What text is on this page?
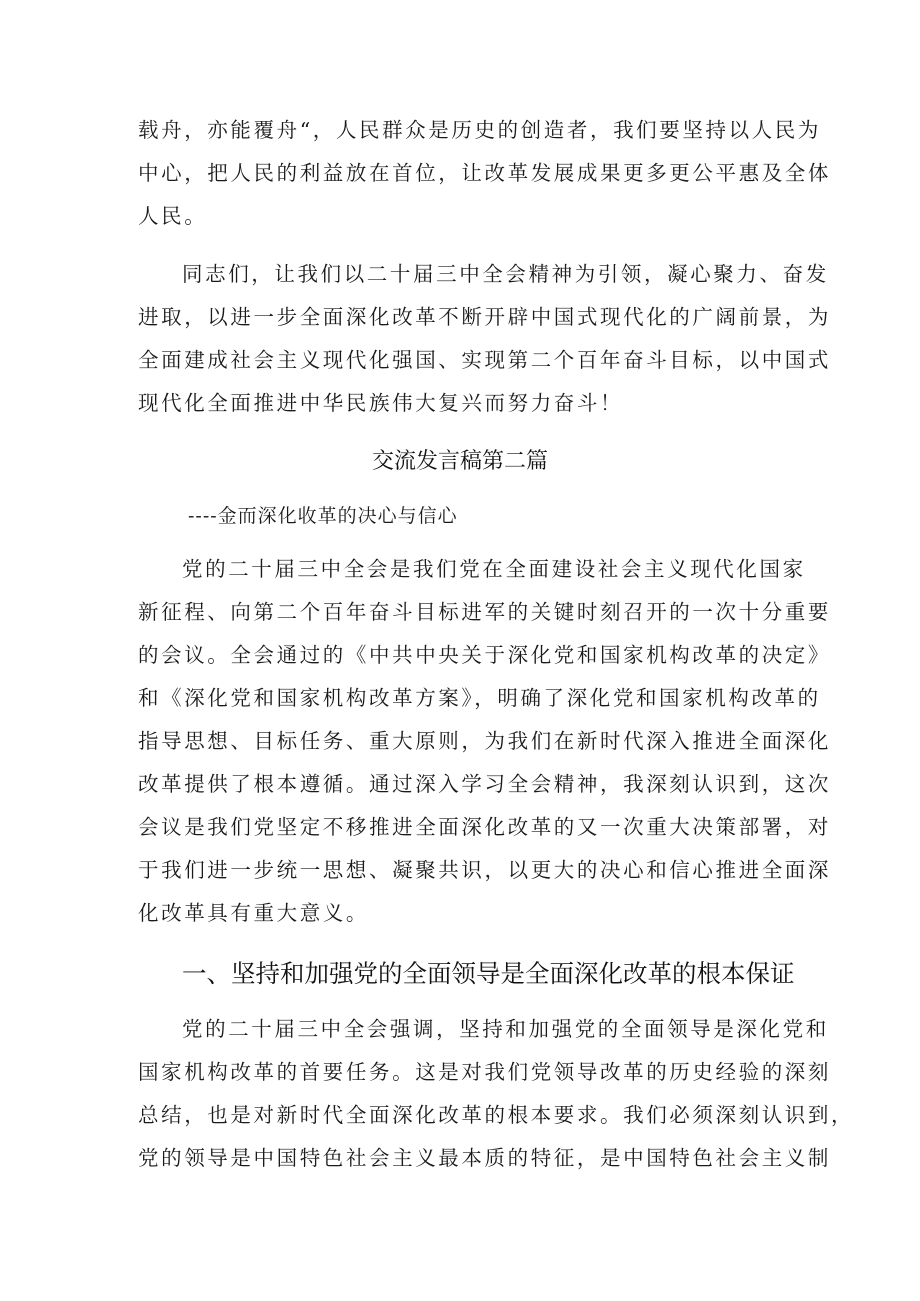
载舟，亦能覆舟“，人民群众是历史的创造者，我们要坚持以人民为
中心，把人民的利益放在首位，让改革发展成果更多更公平惠及全体
人民。
同志们，让我们以二十届三中全会精神为引领，凝心聚力、奋发
进取，以进一步全面深化改革不断开辟中国式现代化的广阔前景，为
全面建成社会主义现代化强国、实现第二个百年奋斗目标，以中国式
现代化全面推进中华民族伟大复兴而努力奋斗！
交流发言稿第二篇
----金而深化收革的决心与信心
党的二十届三中全会是我们党在全面建设社会主义现代化国家
新征程、向第二个百年奋斗目标进军的关键时刻召开的一次十分重要
的会议。全会通过的《中共中央关于深化党和国家机构改革的决定》
和《深化党和国家机构改革方案》，明确了深化党和国家机构改革的
指导思想、目标任务、重大原则，为我们在新时代深入推进全面深化
改革提供了根本遵循。通过深入学习全会精神，我深刻认识到，这次
会议是我们党坚定不移推进全面深化改革的又一次重大决策部署，对
于我们进一步统一思想、凝聚共识，以更大的决心和信心推进全面深
化改革具有重大意义。
一、坚持和加强党的全面领导是全面深化改革的根本保证
党的二十届三中全会强调，坚持和加强党的全面领导是深化党和
国家机构改革的首要任务。这是对我们党领导改革的历史经验的深刻
总结，也是对新时代全面深化改革的根本要求。我们必须深刻认识到，
党的领导是中国特色社会主义最本质的特征，是中国特色社会主义制
